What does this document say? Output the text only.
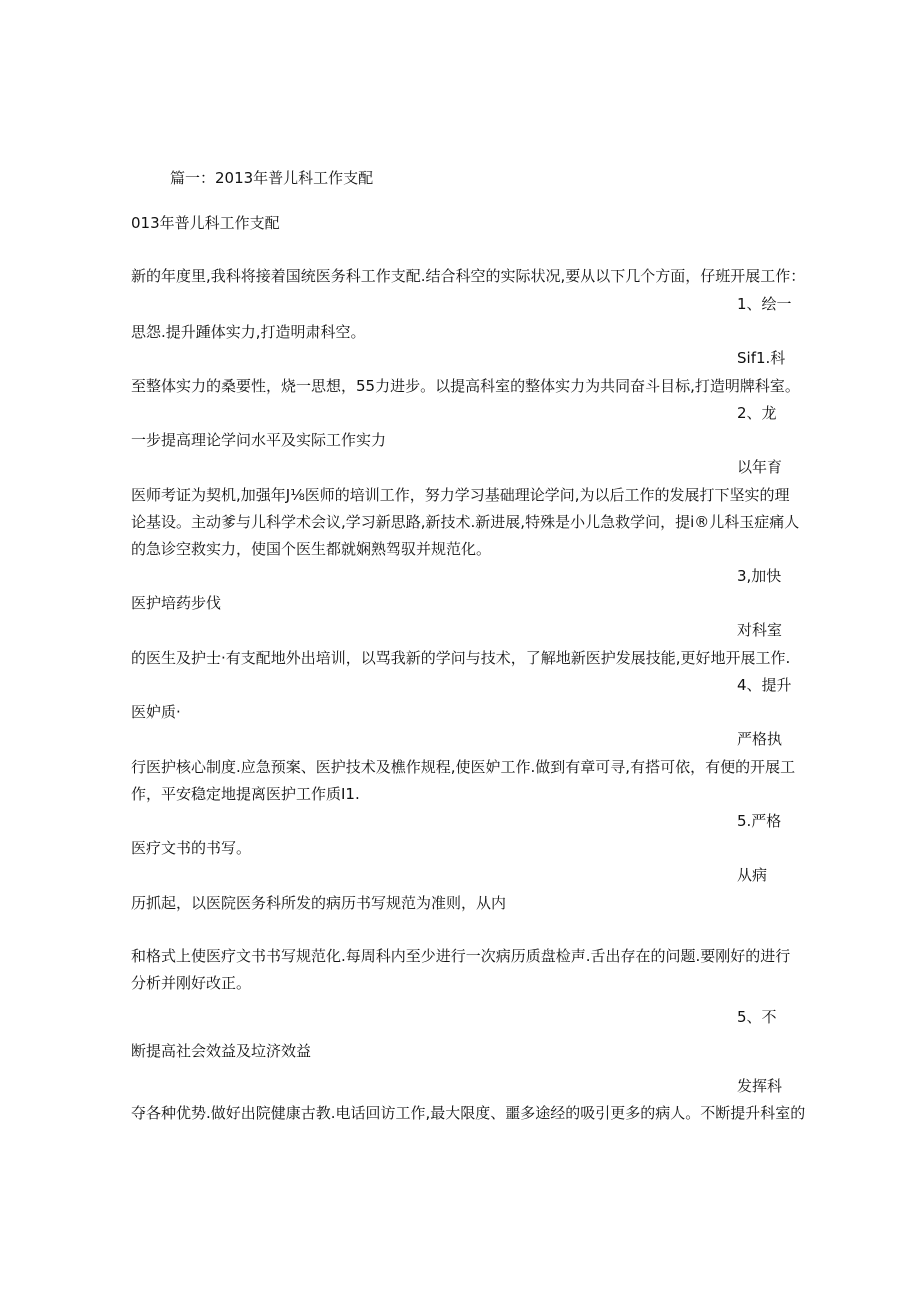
篇一：2013年普儿科工作支配
013年普儿科工作支配
新的年度里,我科将接着国统医务科工作支配.结合科空的实际状况,要从以下几个方面，仔班开展工作：
1、绘一
思怨.提升踵体实力,打造明肃科空。
Sif1.科
至整体实力的桑要性，烧一思想，55力进步。以提高科室的整体实力为共同奋斗目标,打造明牌科室。
2、龙
一步提高理论学问水平及实际工作实力
以年育
医师考证为契机,加强年J⅛医师的培训工作，努力学习基础理论学问,为以后工作的发展打下坚实的理
论基设。主动爹与儿科学术会议,学习新思路,新技术.新进展,特殊是小儿急救学问，提i®儿科玉症痛人
的急诊空救实力，使国个医生都就娴熟驾驭并规范化。
3,加快
医护培药步伐
对科室
的医生及护士·有支配地外出培训，以骂我新的学问与技术，了解地新医护发展技能,更好地开展工作.
4、提升
医妒质·
严格执
行医护核心制度.应急预案、医护技术及樵作规程,使医妒工作.做到有章可寻,有搭可依，有便的开展工
作，平安稳定地提离医护工作质I1.
5.严格
医疗文书的书写。
从病
历抓起，以医院医务科所发的病历书写规范为准则，从内
和格式上使医疗文书书写规范化.每周科内至少进行一次病历质盘检声.舌出存在的问题.要刚好的进行
分析并刚好改正。
5、不
断提高社会效益及垃济效益
发挥科
夺各种优势.做好出院健康古教.电话回访工作,最大限度、噩多途经的吸引更多的病人。不断提升科室的
